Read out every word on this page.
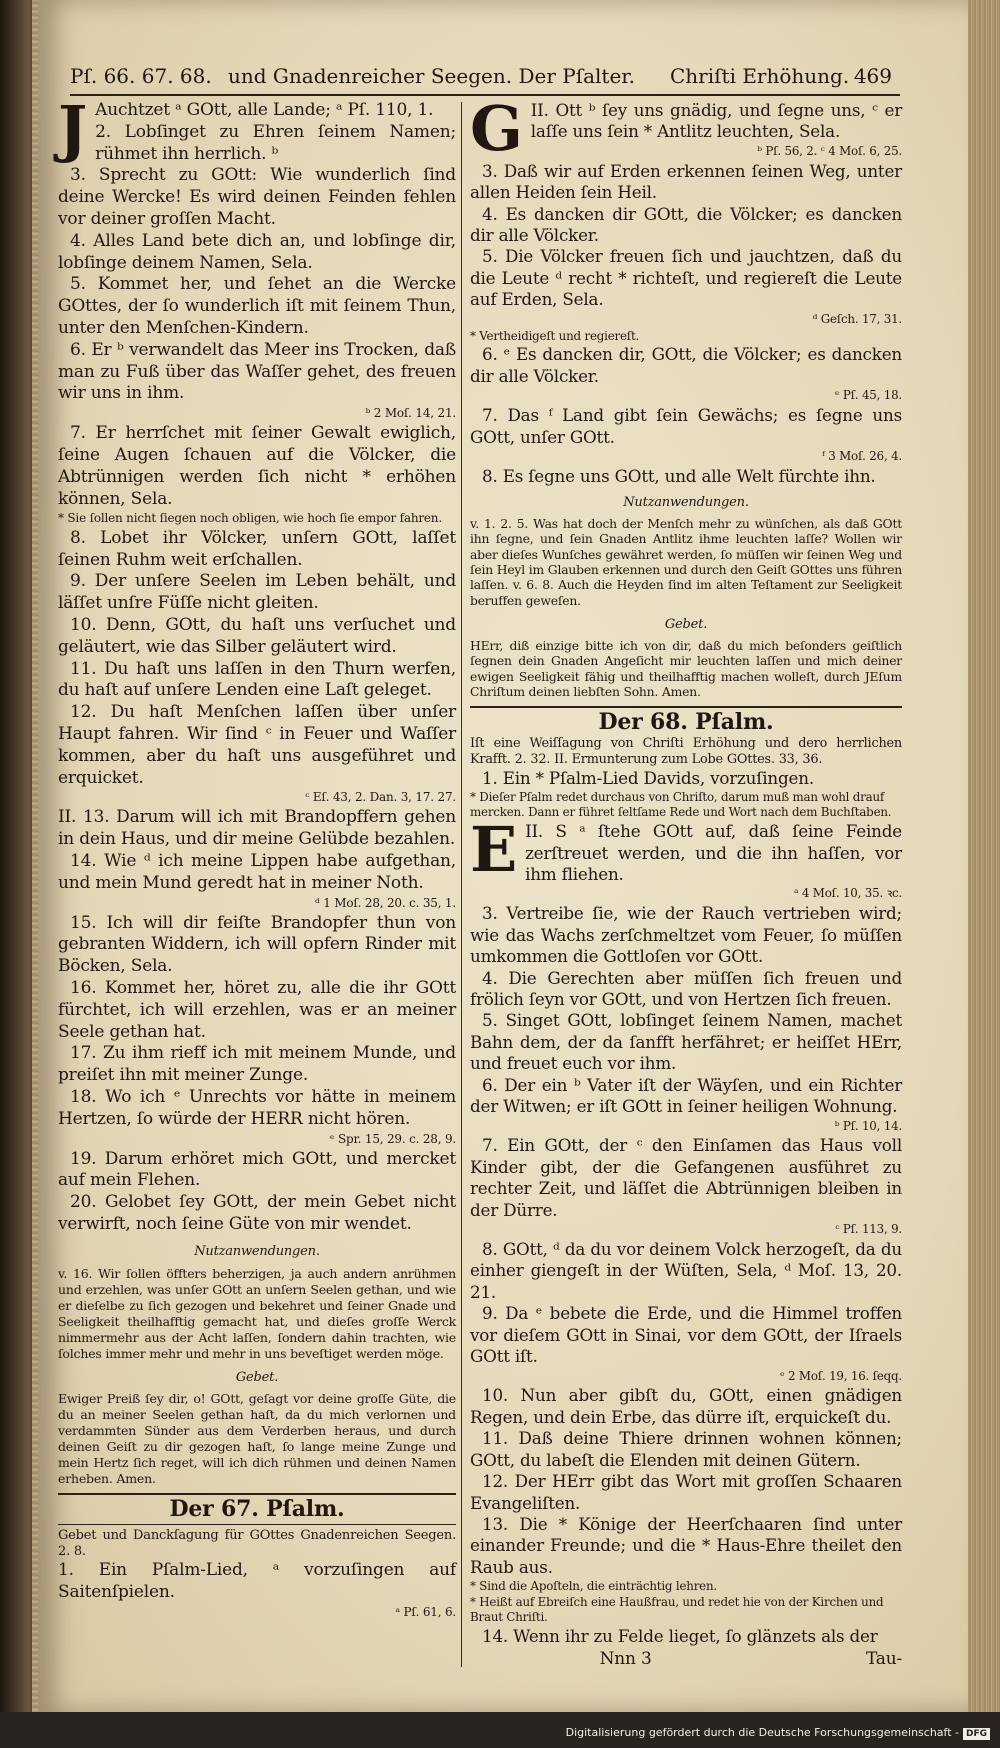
Pſ. 66. 67. 68. und Gnadenreicher Seegen. Der Pſalter. Chriſti Erhöhung. 469

J Auchtzet ᵃ GOtt, alle Lande; ᵃ Pſ. 110, 1.

2. Lobſinget zu Ehren ſeinem Namen; rühmet ihn herrlich. ᵇ

3. Sprecht zu GOtt: Wie wunderlich ſind deine Wercke! Es wird deinen Feinden fehlen vor deiner groſſen Macht.

4. Alles Land bete dich an, und lobſinge dir, lobſinge deinem Namen, Sela.

5. Kommet her, und ſehet an die Wercke GOttes, der ſo wunderlich iſt mit ſeinem Thun, unter den Menſchen-Kindern.

6. Er ᵇ verwandelt das Meer ins Trocken, daß man zu Fuß über das Waſſer gehet, des freuen wir uns in ihm.

ᵇ 2 Moſ. 14, 21.

7. Er herrſchet mit ſeiner Gewalt ewiglich, ſeine Augen ſchauen auf die Völcker, die Abtrünnigen werden ſich nicht * erhöhen können, Sela.

* Sie ſollen nicht ſiegen noch obligen, wie hoch ſie empor fahren.

8. Lobet ihr Völcker, unſern GOtt, laſſet ſeinen Ruhm weit erſchallen.

9. Der unſere Seelen im Leben behält, und läſſet unſre Füſſe nicht gleiten.

10. Denn, GOtt, du haſt uns verſuchet und geläutert, wie das Silber geläutert wird.

11. Du haſt uns laſſen in den Thurn werfen, du haſt auf unſere Lenden eine Laſt geleget.

12. Du haſt Menſchen laſſen über unſer Haupt fahren. Wir ſind ᶜ in Feuer und Waſſer kommen, aber du haſt uns ausgeführet und erquicket.

ᶜ Eſ. 43, 2. Dan. 3, 17. 27.

II. 13. Darum will ich mit Brandopffern gehen in dein Haus, und dir meine Gelübde bezahlen.

14. Wie ᵈ ich meine Lippen habe aufgethan, und mein Mund geredt hat in meiner Noth.

ᵈ 1 Moſ. 28, 20. c. 35, 1.

15. Ich will dir feiſte Brandopfer thun von gebranten Widdern, ich will opfern Rinder mit Böcken, Sela.

16. Kommet her, höret zu, alle die ihr GOtt fürchtet, ich will erzehlen, was er an meiner Seele gethan hat.

17. Zu ihm rieff ich mit meinem Munde, und preiſet ihn mit meiner Zunge.

18. Wo ich ᵉ Unrechts vor hätte in meinem Hertzen, ſo würde der HERR nicht hören.

ᵉ Spr. 15, 29. c. 28, 9.

19. Darum erhöret mich GOtt, und mercket auf mein Flehen.

20. Gelobet ſey GOtt, der mein Gebet nicht verwirft, noch ſeine Güte von mir wendet.

Nutzanwendungen.
v. 16. Wir ſollen öffters beherzigen, ja auch andern anrühmen und erzehlen, was unſer GOtt an unſern Seelen gethan, und wie er dieſelbe zu ſich gezogen und bekehret und ſeiner Gnade und Seeligkeit theilhafftig gemacht hat, und dieſes groſſe Werck nimmermehr aus der Acht laſſen, ſondern dahin trachten, wie ſolches immer mehr und mehr in uns beveſtiget werden möge.
Gebet.
Ewiger Preiß ſey dir, o! GOtt, geſagt vor deine groſſe Güte, die du an meiner Seelen gethan haſt, da du mich verlornen und verdammten Sünder aus dem Verderben heraus, und durch deinen Geiſt zu dir gezogen haſt, ſo lange meine Zunge und mein Hertz ſich reget, will ich dich rühmen und deinen Namen erheben. Amen.
Der 67. Pſalm.
Gebet und Danckſagung für GOttes Gnadenreichen Seegen. 2. 8.

1. Ein Pſalm-Lied, ᵃ vorzuſingen auf Saitenſpielen.

ᵃ Pſ. 61, 6.

II.
G Ott ᵇ ſey uns gnädig, und ſegne uns, ᶜ er laſſe uns ſein * Antlitz leuchten, Sela.

ᵇ Pſ. 56, 2. ᶜ 4 Moſ. 6, 25.

3. Daß wir auf Erden erkennen ſeinen Weg, unter allen Heiden ſein Heil.

4. Es dancken dir GOtt, die Völcker; es dancken dir alle Völcker.

5. Die Völcker freuen ſich und jauchtzen, daß du die Leute ᵈ recht * richteſt, und regiereſt die Leute auf Erden, Sela.

ᵈ Geſch. 17, 31.
* Vertheidigeſt und regiereſt.

6. ᵉ Es dancken dir, GOtt, die Völcker; es dancken dir alle Völcker.

ᵉ Pſ. 45, 18.

7. Das ᶠ Land gibt ſein Gewächs; es ſegne uns GOtt, unſer GOtt.

ᶠ 3 Moſ. 26, 4.

8. Es ſegne uns GOtt, und alle Welt fürchte ihn.

Nutzanwendungen.
v. 1. 2. 5. Was hat doch der Menſch mehr zu wünſchen, als daß GOtt ihn ſegne, und ſein Gnaden Antlitz ihme leuchten laſſe? Wollen wir aber dieſes Wunſches gewähret werden, ſo müſſen wir ſeinen Weg und ſein Heyl im Glauben erkennen und durch den Geiſt GOttes uns führen laſſen. v. 6. 8. Auch die Heyden ſind im alten Teſtament zur Seeligkeit beruffen geweſen.
Gebet.
HErr, diß einzige bitte ich von dir, daß du mich beſonders geiſtlich ſegnen dein Gnaden Angeſicht mir leuchten laſſen und mich deiner ewigen Seeligkeit fähig und theilhafftig machen wolleſt, durch JEſum Chriſtum deinen liebſten Sohn. Amen.
Der 68. Pſalm.
Iſt eine Weiſſagung von Chriſti Erhöhung und dero herrlichen Krafft. 2. 32. II. Ermunterung zum Lobe GOttes. 33, 36.

1. Ein * Pſalm-Lied Davids, vorzuſingen.

* Dieſer Pſalm redet durchaus von Chriſto, darum muß man wohl drauf mercken. Dann er führet ſeltſame Rede und Wort nach dem Buchſtaben.

II.
E S ᵃ ſtehe GOtt auf, daß ſeine Feinde zerſtreuet werden, und die ihn haſſen, vor ihm fliehen.

ᵃ 4 Moſ. 10, 35. ꝛc.

3. Vertreibe ſie, wie der Rauch vertrieben wird; wie das Wachs zerſchmeltzet vom Feuer, ſo müſſen umkommen die Gottloſen vor GOtt.

4. Die Gerechten aber müſſen ſich freuen und frölich ſeyn vor GOtt, und von Hertzen ſich freuen.

5. Singet GOtt, lobſinget ſeinem Namen, machet Bahn dem, der da ſanfft herfähret; er heiſſet HErr, und freuet euch vor ihm.

6. Der ein ᵇ Vater iſt der Wäyſen, und ein Richter der Witwen; er iſt GOtt in ſeiner heiligen Wohnung.

ᵇ Pſ. 10, 14.

7. Ein GOtt, der ᶜ den Einſamen das Haus voll Kinder gibt, der die Gefangenen ausführet zu rechter Zeit, und läſſet die Abtrünnigen bleiben in der Dürre.

ᶜ Pſ. 113, 9.

8. GOtt, ᵈ da du vor deinem Volck herzogeſt, da du einher giengeſt in der Wüſten, Sela, ᵈ Moſ. 13, 20. 21.

9. Da ᵉ bebete die Erde, und die Himmel troffen vor dieſem GOtt in Sinai, vor dem GOtt, der Iſraels GOtt iſt.

ᵉ 2 Moſ. 19, 16. ſeqq.

10. Nun aber gibſt du, GOtt, einen gnädigen Regen, und dein Erbe, das dürre iſt, erquickeſt du.

11. Daß deine Thiere drinnen wohnen können; GOtt, du labeſt die Elenden mit deinen Gütern.

12. Der HErr gibt das Wort mit groſſen Schaaren Evangeliſten.

13. Die * Könige der Heerſchaaren ſind unter einander Freunde; und die * Haus-Ehre theilet den Raub aus.

* Sind die Apoſteln, die einträchtig lehren.
* Heißt auf Ebreiſch eine Haußfrau, und redet hie von der Kirchen und Braut Chriſti.

14. Wenn ihr zu Felde lieget, ſo glänzets als der

Nnn 3	Tau-
Digitalisierung gefördert durch die Deutsche Forschungsgemeinschaft - DFG
